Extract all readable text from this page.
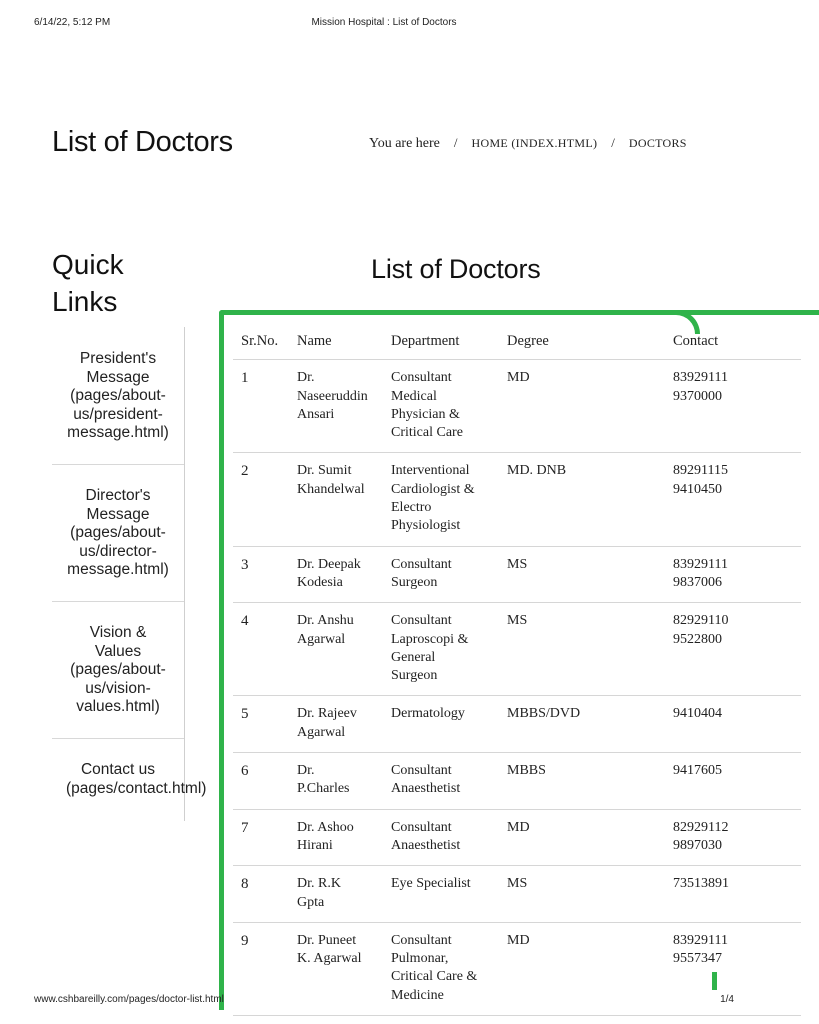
6/14/22, 5:12 PM	Mission Hospital : List of Doctors
List of Doctors	You are here / HOME (INDEX.HTML) / DOCTORS
Quick
Links
President's
Message
(pages/about-
us/president-
message.html)
Director's
Message
(pages/about-
us/director-
message.html)
Vision &
Values
(pages/about-
us/vision-
values.html)
Contact us
(pages/contact.html)
List of Doctors
Sr.No.	Name	Department	Degree	Contact
1	Dr.
Naseeruddin
Ansari	Consultant
Medical
Physician &
Critical Care	MD	83929111
9370000
2	Dr. Sumit
Khandelwal	Interventional
Cardiologist &
Electro
Physiologist	MD. DNB	89291115
9410450
3	Dr. Deepak
Kodesia	Consultant
Surgeon	MS	83929111
9837006
4	Dr. Anshu
Agarwal	Consultant
Laproscopi &
General
Surgeon	MS	82929110
9522800
5	Dr. Rajeev
Agarwal	Dermatology	MBBS/DVD	9410404
6	Dr.
P.Charles	Consultant
Anaesthetist	MBBS	9417605
7	Dr. Ashoo
Hirani	Consultant
Anaesthetist	MD	82929112
9897030
8	Dr. R.K
Gpta	Eye Specialist	MS	73513891
9	Dr. Puneet
K. Agarwal	Consultant
Pulmonar,
Critical Care &
Medicine	MD	83929111
9557347
www.cshbareilly.com/pages/doctor-list.html	1/4
